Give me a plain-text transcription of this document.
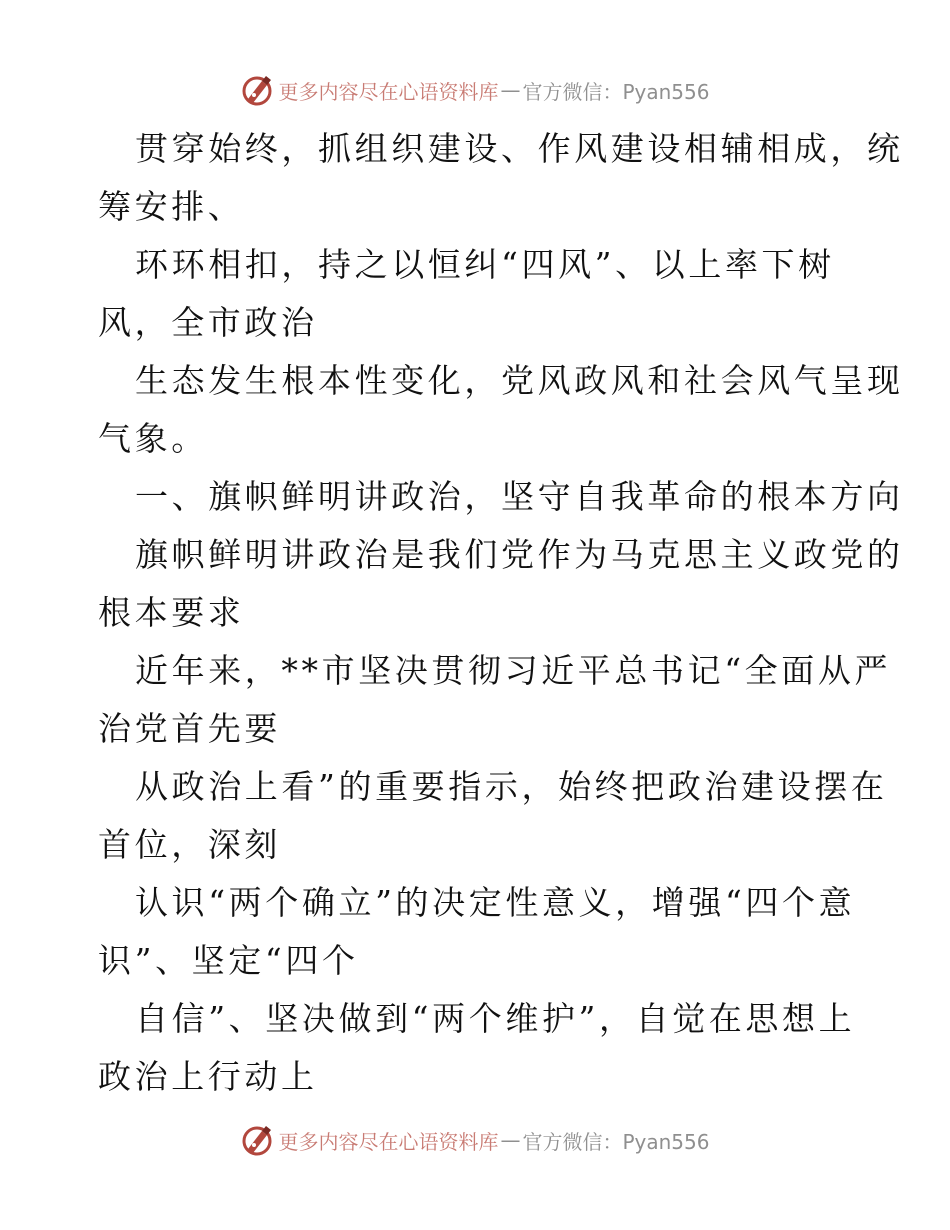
更多内容尽在心语资料库 — 官方微信：Pyan556
贯穿始终，抓组织建设、作风建设相辅相成，统
筹安排、
环环相扣，持之以恒纠“四风”、以上率下树
风，全市政治
生态发生根本性变化，党风政风和社会风气呈现
气象。
一、旗帜鲜明讲政治，坚守自我革命的根本方向
旗帜鲜明讲政治是我们党作为马克思主义政党的
根本要求
近年来，**市坚决贯彻习近平总书记“全面从严
治党首先要
从政治上看”的重要指示，始终把政治建设摆在
首位，深刻
认识“两个确立”的决定性意义，增强“四个意
识”、坚定“四个
自信”、坚决做到“两个维护”，自觉在思想上
政治上行动上
更多内容尽在心语资料库 — 官方微信：Pyan556
